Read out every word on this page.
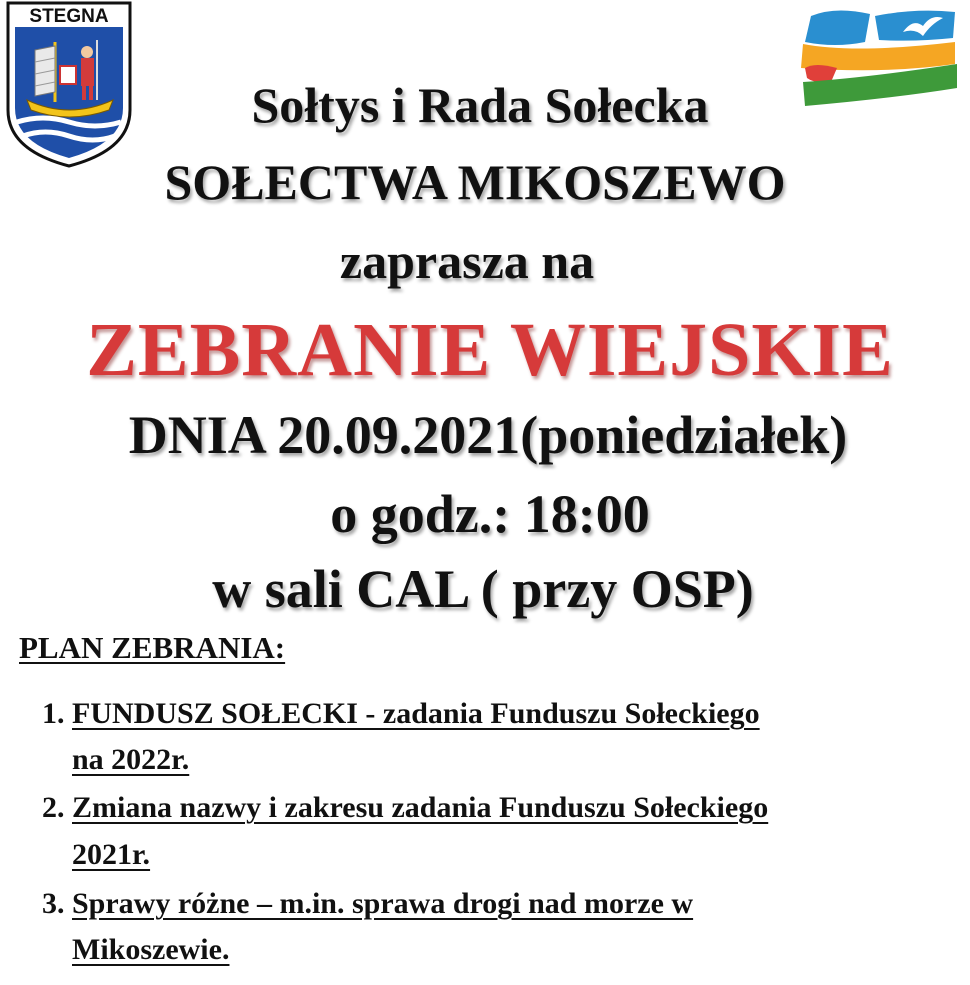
STEGNA
Sołtys i Rada Sołecka
SOŁECTWA MIKOSZEWO
zaprasza na
ZEBRANIE WIEJSKIE
DNIA 20.09.2021(poniedziałek)
o godz.: 18:00
w sali CAL ( przy OSP)
PLAN ZEBRANIA:
1. FUNDUSZ SOŁECKI - zadania Funduszu Sołeckiego
na 2022r.
2. Zmiana nazwy i zakresu zadania Funduszu Sołeckiego
2021r.
3. Sprawy różne – m.in. sprawa drogi nad morze w
Mikoszewie.
